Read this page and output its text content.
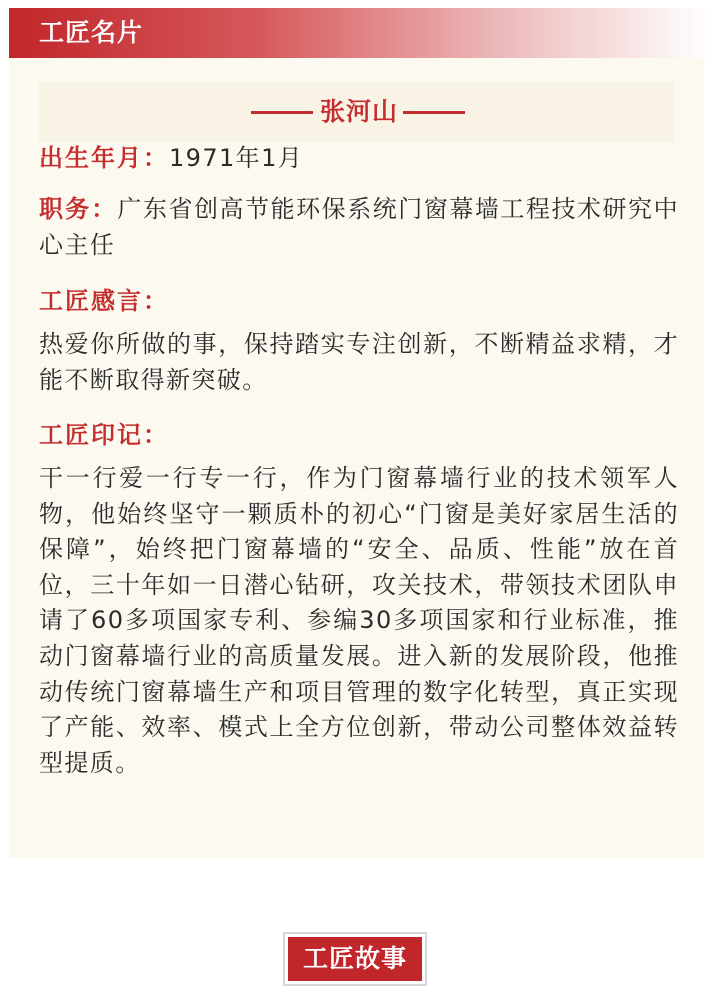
工匠名片
张河山
出生年月：1971年1月
职务：广东省创高节能环保系统门窗幕墙工程技术研究中心主任
工匠感言：
热爱你所做的事，保持踏实专注创新，不断精益求精，才能不断取得新突破。
工匠印记：
干一行爱一行专一行，作为门窗幕墙行业的技术领军人物，他始终坚守一颗质朴的初心“门窗是美好家居生活的保障”，始终把门窗幕墙的“安全、品质、性能”放在首位，三十年如一日潜心钻研，攻关技术，带领技术团队申请了60多项国家专利、参编30多项国家和行业标准，推动门窗幕墙行业的高质量发展。进入新的发展阶段，他推动传统门窗幕墙生产和项目管理的数字化转型，真正实现了产能、效率、模式上全方位创新，带动公司整体效益转型提质。
工匠故事
